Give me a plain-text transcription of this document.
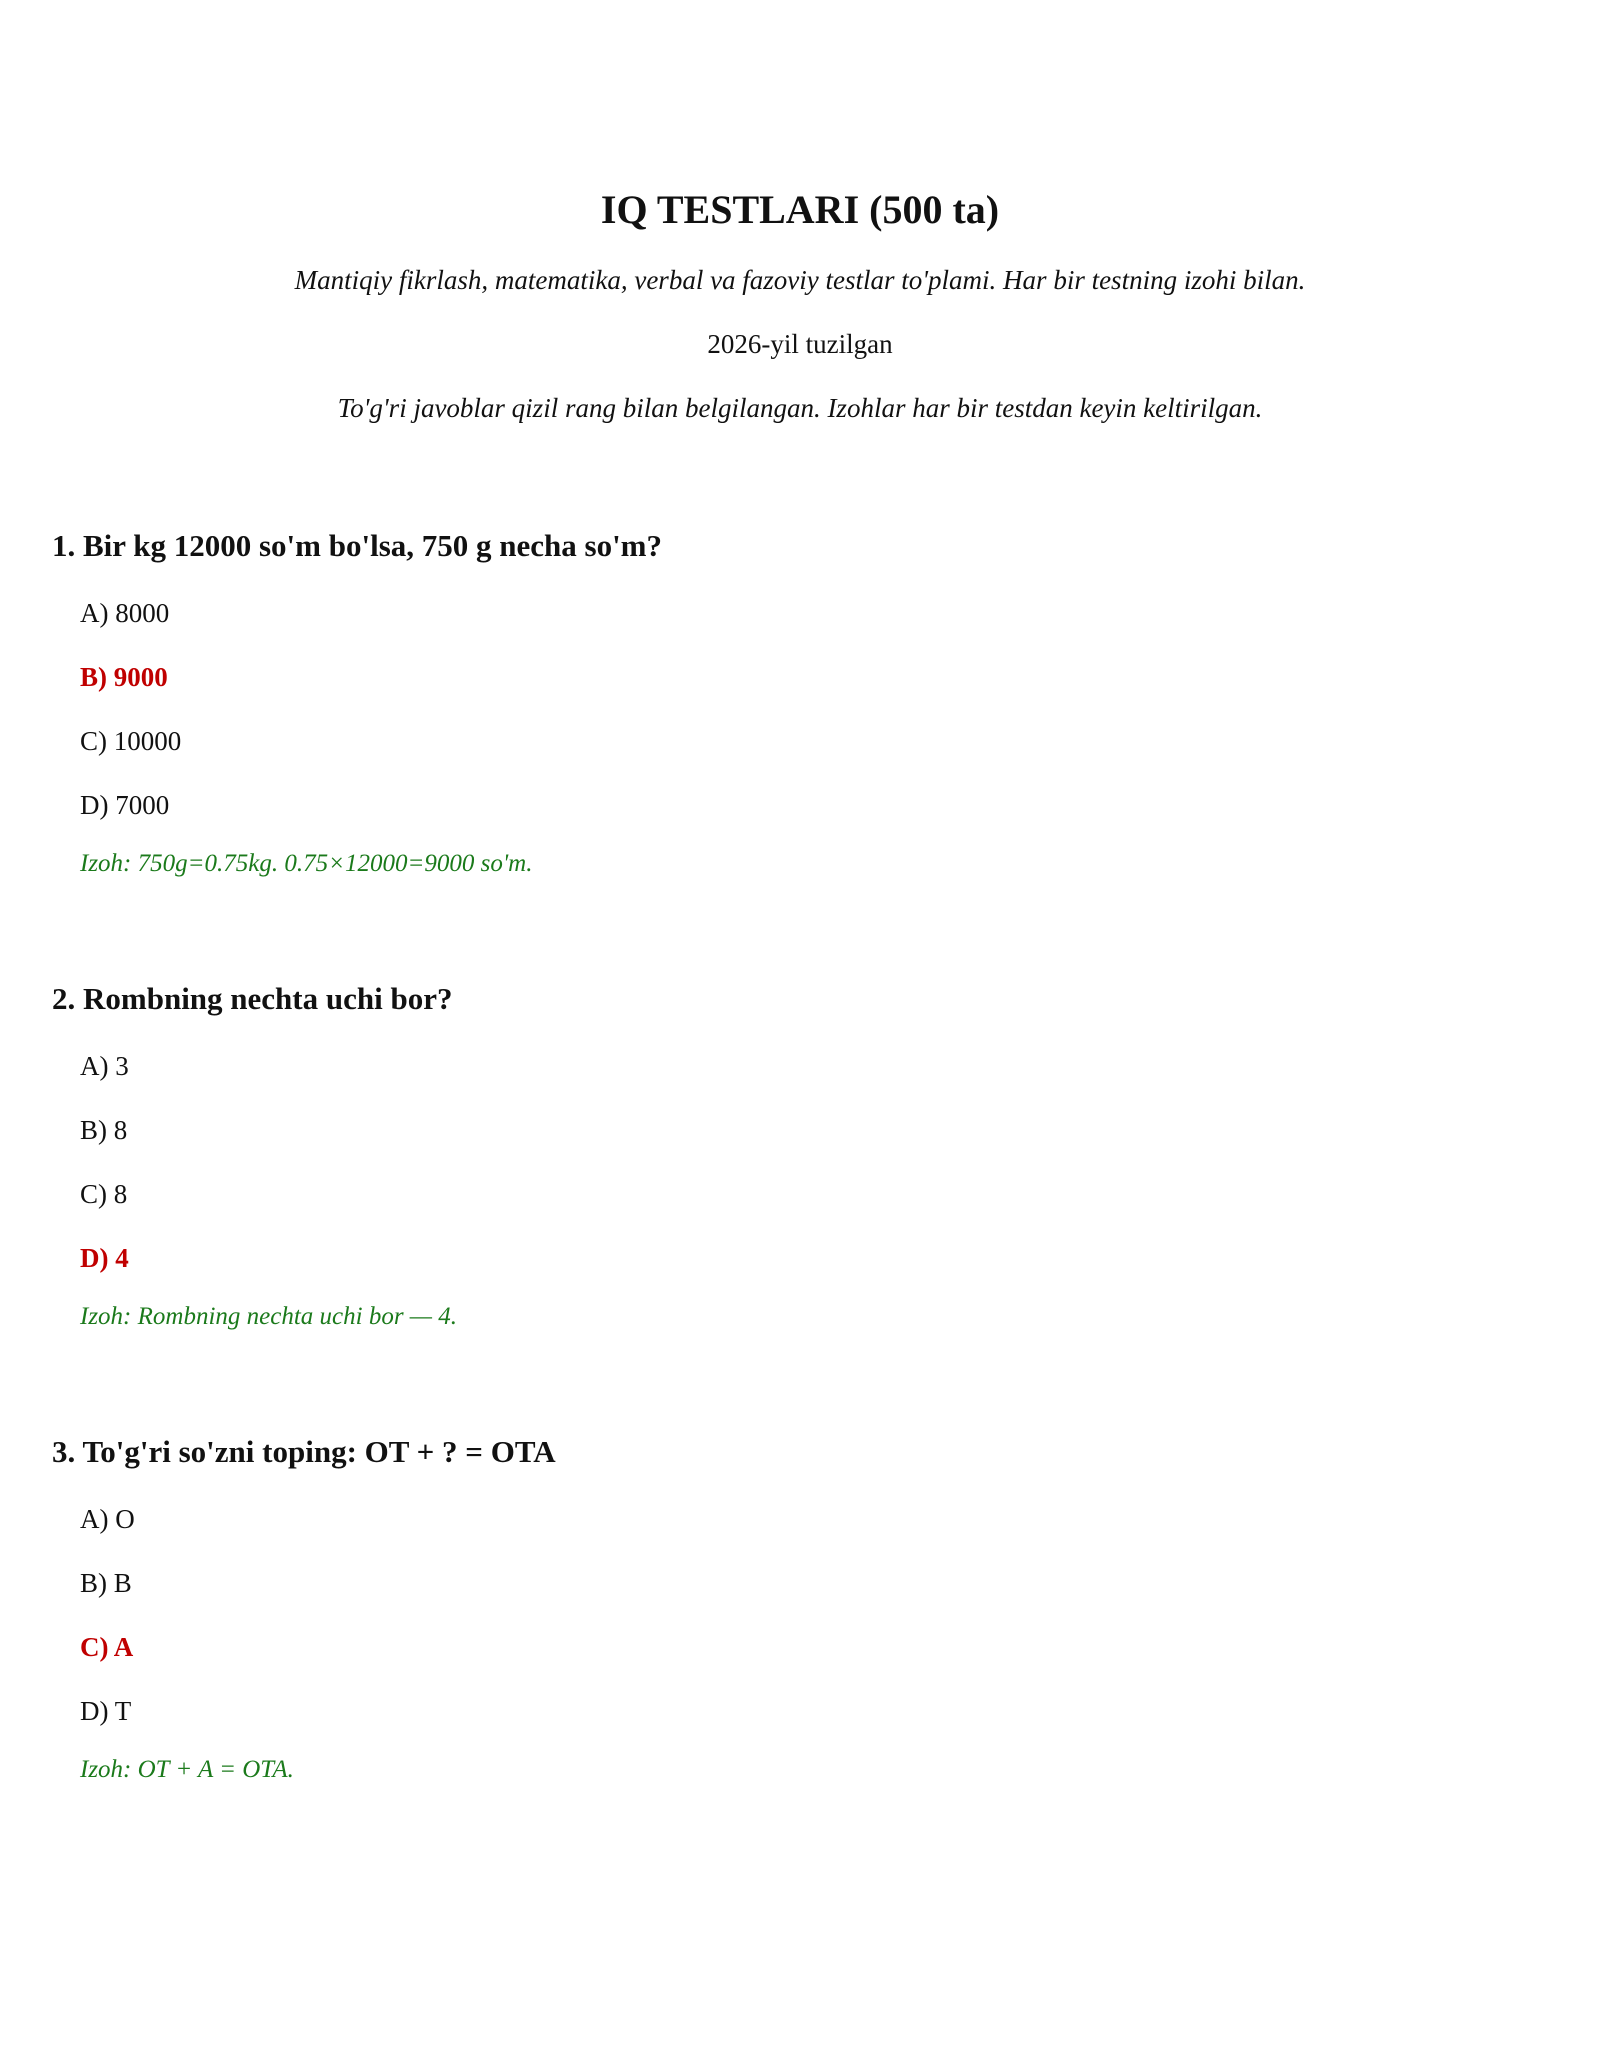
IQ TESTLARI (500 ta)

Mantiqiy fikrlash, matematika, verbal va fazoviy testlar to'plami. Har bir testning izohi bilan.

2026-yil tuzilgan

To'g'ri javoblar qizil rang bilan belgilangan. Izohlar har bir testdan keyin keltirilgan.

1. Bir kg 12000 so'm bo'lsa, 750 g necha so'm?
A) 8000
B) 9000
C) 10000
D) 7000

Izoh: 750g=0.75kg. 0.75×12000=9000 so'm.

2. Rombning nechta uchi bor?
A) 3
B) 8
C) 8
D) 4

Izoh: Rombning nechta uchi bor — 4.

3. To'g'ri so'zni toping: OT + ? = OTA
A) O
B) B
C) A
D) T

Izoh: OT + A = OTA.
